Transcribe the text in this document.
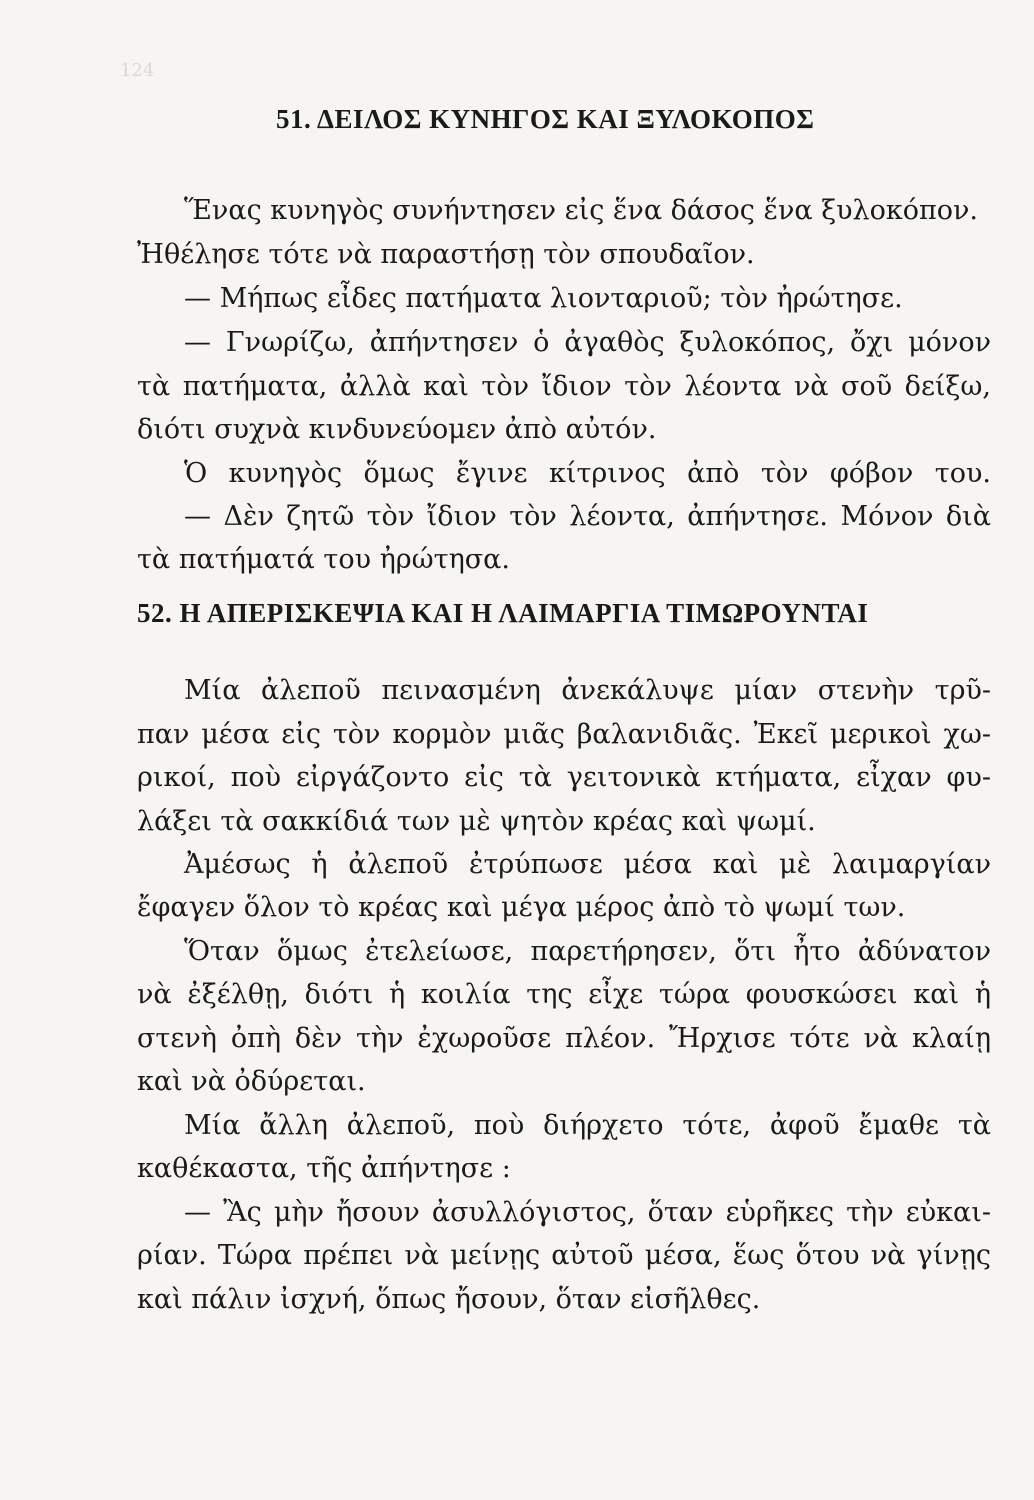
124
51. ΔΕΙΛΟΣ ΚΥΝΗΓΟΣ ΚΑΙ ΞΥΛΟΚΟΠΟΣ
Ἕνας κυνηγὸς συνήντησεν εἰς ἕνα δάσος ἕνα ξυλοκόπον.
Ἠθέλησε τότε νὰ παραστήσῃ τὸν σπουδαῖον.
— Μήπως εἶδες πατήματα λιονταριοῦ; τὸν ἠρώτησε.
— Γνωρίζω, ἀπήντησεν ὁ ἀγαθὸς ξυλοκόπος, ὄχι μόνον
τὰ πατήματα, ἀλλὰ καὶ τὸν ἴδιον τὸν λέοντα νὰ σοῦ δείξω,
διότι συχνὰ κινδυνεύομεν ἀπὸ αὐτόν.
Ὁ κυνηγὸς ὅμως ἔγινε κίτρινος ἀπὸ τὸν φόβον του.
— Δὲν ζητῶ τὸν ἴδιον τὸν λέοντα, ἀπήντησε. Μόνον διὰ
τὰ πατήματά του ἠρώτησα.
52. Η ΑΠΕΡΙΣΚΕΨΙΑ ΚΑΙ Η ΛΑΙΜΑΡΓΙΑ ΤΙΜΩΡΟΥΝΤΑΙ
Μία ἀλεποῦ πεινασμένη ἀνεκάλυψε μίαν στενὴν τρῦ-
παν μέσα εἰς τὸν κορμὸν μιᾶς βαλανιδιᾶς. Ἐκεῖ μερικοὶ χω-
ρικοί, ποὺ εἰργάζοντο εἰς τὰ γειτονικὰ κτήματα, εἶχαν φυ-
λάξει τὰ σακκίδιά των μὲ ψητὸν κρέας καὶ ψωμί.
Ἀμέσως ἡ ἀλεποῦ ἐτρύπωσε μέσα καὶ μὲ λαιμαργίαν
ἔφαγεν ὅλον τὸ κρέας καὶ μέγα μέρος ἀπὸ τὸ ψωμί των.
Ὅταν ὅμως ἐτελείωσε, παρετήρησεν, ὅτι ἦτο ἀδύνατον
νὰ ἐξέλθῃ, διότι ἡ κοιλία της εἶχε τώρα φουσκώσει καὶ ἡ
στενὴ ὀπὴ δὲν τὴν ἐχωροῦσε πλέον. Ἤρχισε τότε νὰ κλαίῃ
καὶ νὰ ὀδύρεται.
Μία ἄλλη ἀλεποῦ, ποὺ διήρχετο τότε, ἀφοῦ ἔμαθε τὰ
καθέκαστα, τῆς ἀπήντησε :
— Ἂς μὴν ἤσουν ἀσυλλόγιστος, ὅταν εὑρῆκες τὴν εὐκαι-
ρίαν. Τώρα πρέπει νὰ μείνῃς αὐτοῦ μέσα, ἕως ὅτου νὰ γίνῃς
καὶ πάλιν ἰσχνή, ὅπως ἤσουν, ὅταν εἰσῆλθες.
